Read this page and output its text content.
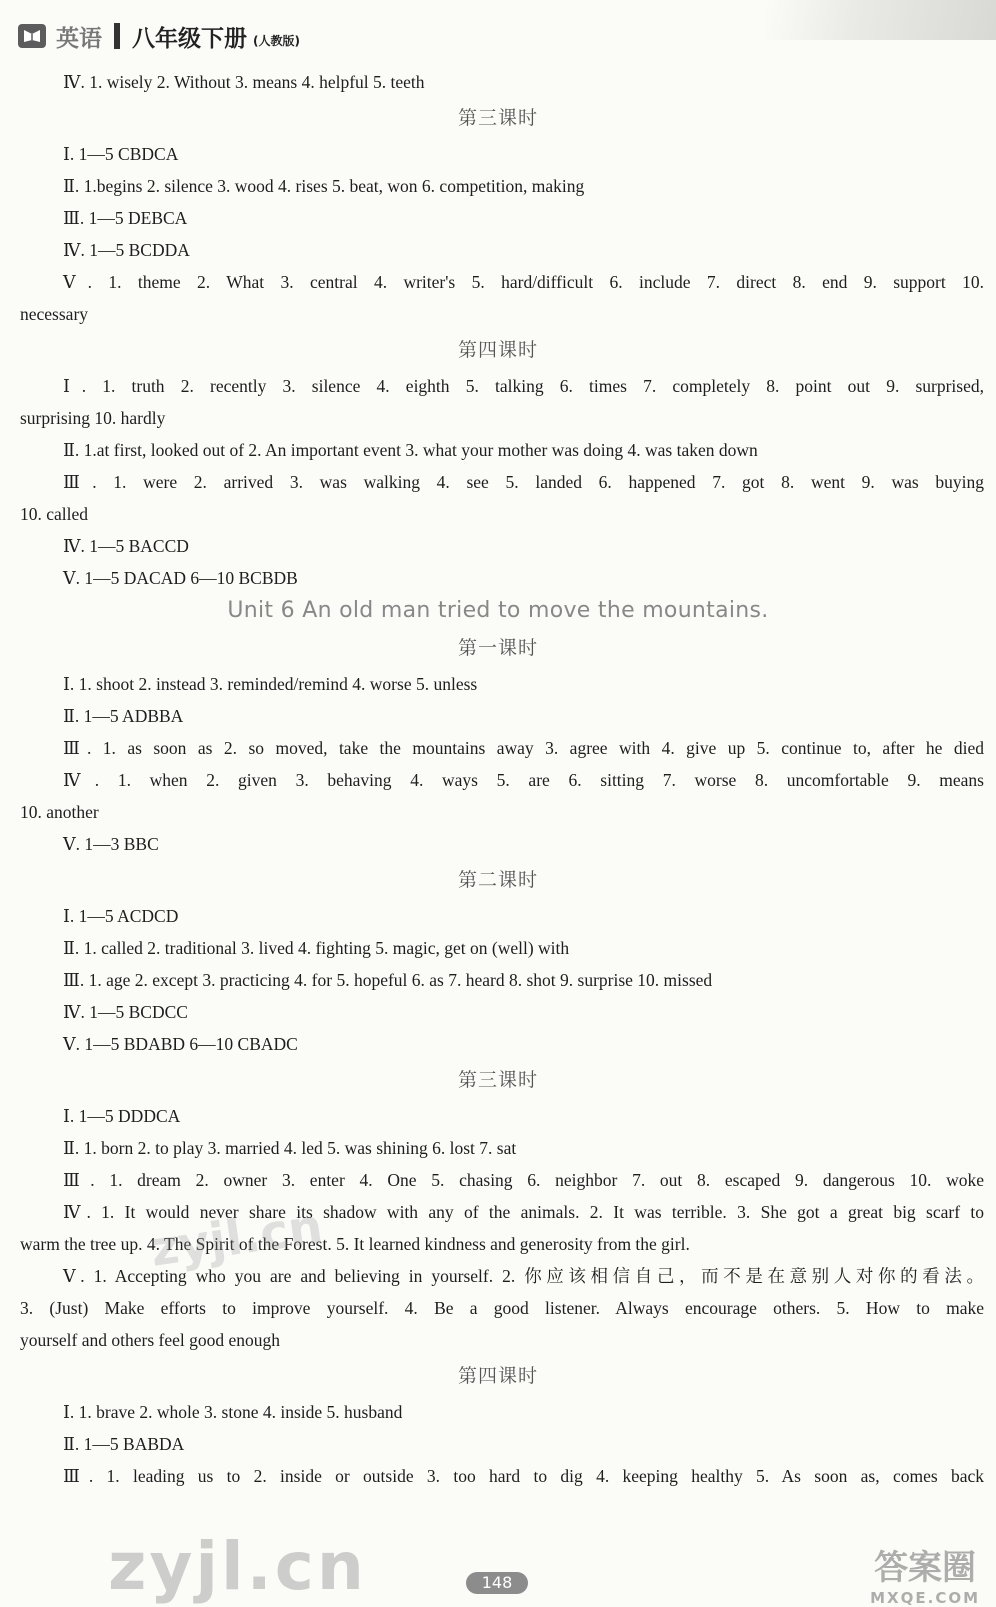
英语 八年级下册 (人教版)
Ⅳ. 1. wisely 2. Without 3. means 4. helpful 5. teeth
第三课时
Ⅰ. 1—5 CBDCA
Ⅱ. 1.begins 2. silence 3. wood 4. rises 5. beat, won 6. competition, making
Ⅲ. 1—5 DEBCA
Ⅳ. 1—5 BCDDA
Ⅴ. 1. theme 2. What 3. central 4. writer's 5. hard/difficult 6. include 7. direct 8. end 9. support 10.
necessary
第四课时
Ⅰ. 1. truth 2. recently 3. silence 4. eighth 5. talking 6. times 7. completely 8. point out 9. surprised,
surprising 10. hardly
Ⅱ. 1.at first, looked out of 2. An important event 3. what your mother was doing 4. was taken down
Ⅲ. 1. were 2. arrived 3. was walking 4. see 5. landed 6. happened 7. got 8. went 9. was buying
10. called
Ⅳ. 1—5 BACCD
Ⅴ. 1—5 DACAD 6—10 BCBDB
Unit 6 An old man tried to move the mountains.
第一课时
Ⅰ. 1. shoot 2. instead 3. reminded/remind 4. worse 5. unless
Ⅱ. 1—5 ADBBA
Ⅲ. 1. as soon as 2. so moved, take the mountains away 3. agree with 4. give up 5. continue to, after he died
Ⅳ. 1. when 2. given 3. behaving 4. ways 5. are 6. sitting 7. worse 8. uncomfortable 9. means
10. another
Ⅴ. 1—3 BBC
第二课时
Ⅰ. 1—5 ACDCD
Ⅱ. 1. called 2. traditional 3. lived 4. fighting 5. magic, get on (well) with
Ⅲ. 1. age 2. except 3. practicing 4. for 5. hopeful 6. as 7. heard 8. shot 9. surprise 10. missed
Ⅳ. 1—5 BCDCC
Ⅴ. 1—5 BDABD 6—10 CBADC
第三课时
Ⅰ. 1—5 DDDCA
Ⅱ. 1. born 2. to play 3. married 4. led 5. was shining 6. lost 7. sat
Ⅲ. 1. dream 2. owner 3. enter 4. One 5. chasing 6. neighbor 7. out 8. escaped 9. dangerous 10. woke
Ⅳ. 1. It would never share its shadow with any of the animals. 2. It was terrible. 3. She got a great big scarf to
warm the tree up. 4. The Spirit of the Forest. 5. It learned kindness and generosity from the girl.
Ⅴ. 1. Accepting who you are and believing in yourself. 2. 你应该相信自己，而不是在意别人对你的看法。
3. (Just) Make efforts to improve yourself. 4. Be a good listener. Always encourage others. 5. How to make
yourself and others feel good enough
第四课时
Ⅰ. 1. brave 2. whole 3. stone 4. inside 5. husband
Ⅱ. 1—5 BABDA
Ⅲ. 1. leading us to 2. inside or outside 3. too hard to dig 4. keeping healthy 5. As soon as, comes back
zyjl.cn
zyjl.cn	148	答案圈
MXQE.COM
